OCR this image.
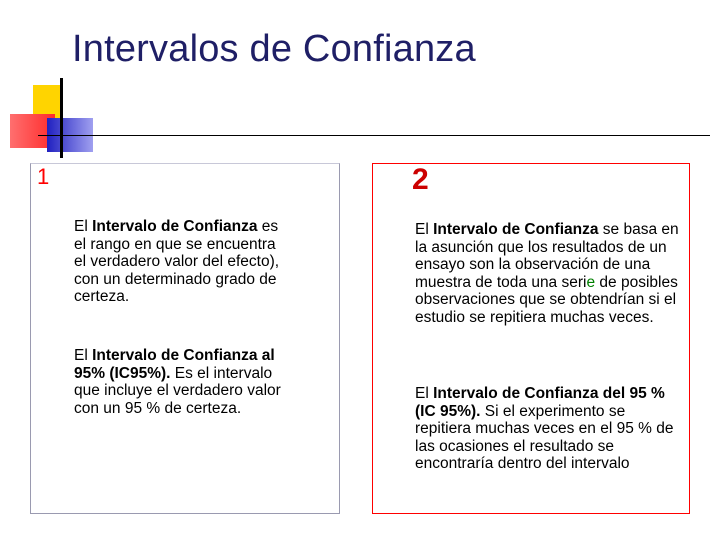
Intervalos de Confianza
1	2
El Intervalo de Confianza es el rango en que se encuentra el verdadero valor del efecto), con un determinado grado de certeza.
El Intervalo de Confianza al 95% (IC95%). Es el intervalo que incluye el verdadero valor con un 95 % de certeza.
El Intervalo de Confianza se basa en la asunción que los resultados de un ensayo son la observación de una muestra de toda una serie de posibles observaciones que se obtendrían si el estudio se repitiera muchas veces.
El Intervalo de Confianza del 95 % (IC 95%). Si el experimento se repitiera muchas veces en el 95 % de las ocasiones el resultado se encontraría dentro del intervalo
